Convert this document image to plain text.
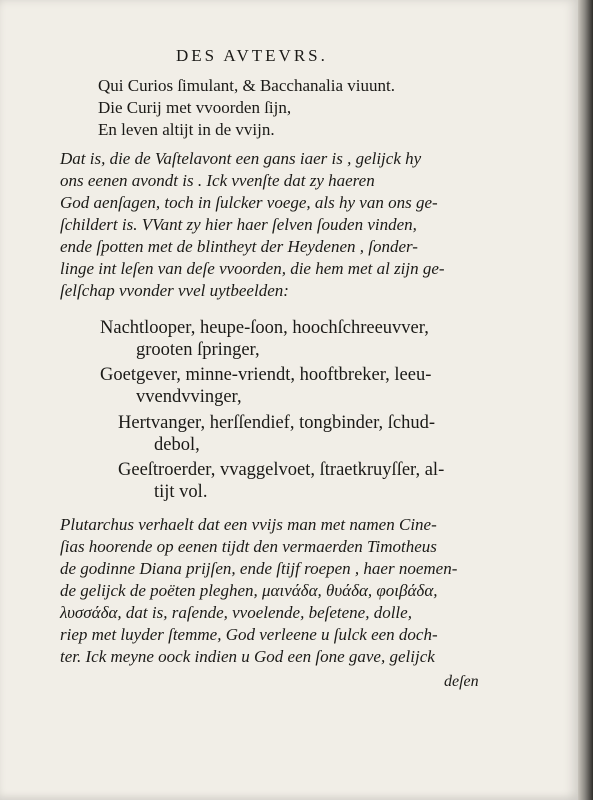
DES AVTEVRS.
Qui Curios ſimulant, & Bacchanalia viuunt.
Die Curij met vvoorden ſijn,
En leven altijt in de vvijn.
Dat is, die de Vaſtelavont een gans iaer is , gelijck hy
ons eenen avondt is . Ick vvenſte dat zy haeren
God aenſagen, toch in ſulcker voege, als hy van ons ge-
ſchildert is. VVant zy hier haer ſelven ſouden vinden,
ende ſpotten met de blintheyt der Heydenen , ſonder-
linge int leſen van deſe vvoorden, die hem met al zijn ge-
ſelſchap vvonder vvel uytbeelden:
Nachtlooper, heupe-ſoon, hoochſchreeuvver,
grooten ſpringer,
Goetgever, minne-vriendt, hooftbreker, leeu-
vvendvvinger,
Hertvanger, herſſendief, tongbinder, ſchud-
debol,
Geeſtroerder, vvaggelvoet, ſtraetkruyſſer, al-
tijt vol.
Plutarchus verhaelt dat een vvijs man met namen Cine-
ſias hoorende op eenen tijdt den vermaerden Timotheus
de godinne Diana prijſen, ende ſtijf roepen , haer noemen-
de gelijck de poëten pleghen, μαινάδα, θυάδα, φοιβάδα,
λυσσάδα, dat is, raſende, vvoelende, beſetene, dolle,
riep met luyder ſtemme, God verleene u ſulck een doch-
ter. Ick meyne oock indien u God een ſone gave, gelijck
deſen
